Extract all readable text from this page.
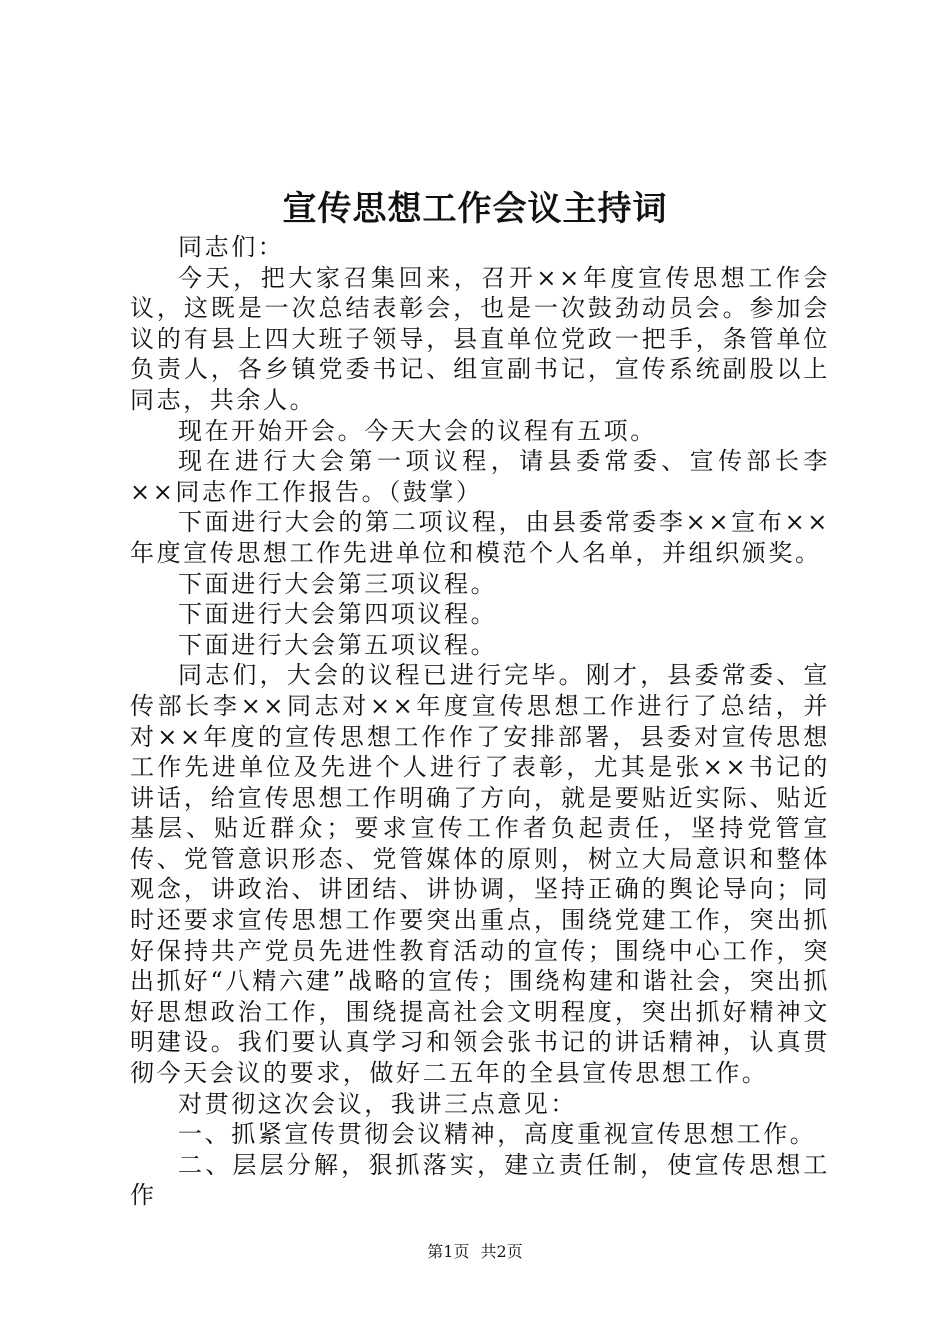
宣传思想工作会议主持词

同志们：

今天，把大家召集回来，召开××年度宣传思想工作会议，这既是一次总结表彰会，也是一次鼓劲动员会。参加会议的有县上四大班子领导，县直单位党政一把手，条管单位负责人，各乡镇党委书记、组宣副书记，宣传系统副股以上同志，共余人。

现在开始开会。今天大会的议程有五项。

现在进行大会第一项议程，请县委常委、宣传部长李××同志作工作报告。（鼓掌）

下面进行大会的第二项议程，由县委常委李××宣布××年度宣传思想工作先进单位和模范个人名单，并组织颁奖。

下面进行大会第三项议程。

下面进行大会第四项议程。

下面进行大会第五项议程。

同志们，大会的议程已进行完毕。刚才，县委常委、宣传部长李××同志对××年度宣传思想工作进行了总结，并对××年度的宣传思想工作作了安排部署，县委对宣传思想工作先进单位及先进个人进行了表彰，尤其是张××书记的讲话，给宣传思想工作明确了方向，就是要贴近实际、贴近基层、贴近群众；要求宣传工作者负起责任，坚持党管宣传、党管意识形态、党管媒体的原则，树立大局意识和整体观念，讲政治、讲团结、讲协调，坚持正确的舆论导向；同时还要求宣传思想工作要突出重点，围绕党建工作，突出抓好保持共产党员先进性教育活动的宣传；围绕中心工作，突出抓好“八精六建”战略的宣传；围绕构建和谐社会，突出抓好思想政治工作，围绕提高社会文明程度，突出抓好精神文明建设。我们要认真学习和领会张书记的讲话精神，认真贯彻今天会议的要求，做好二五年的全县宣传思想工作。

对贯彻这次会议，我讲三点意见：

一、抓紧宣传贯彻会议精神，高度重视宣传思想工作。

二、层层分解，狠抓落实，建立责任制，使宣传思想工作

第1页 共2页
